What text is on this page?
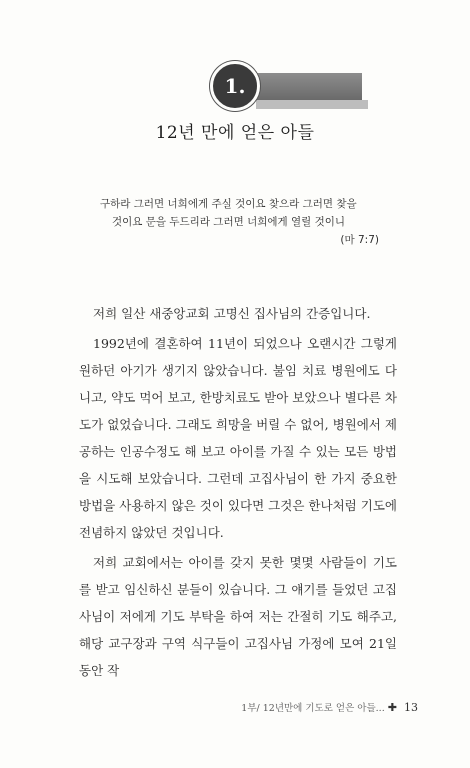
1.
12년 만에 얻은 아들
구하라 그러면 너희에게 주실 것이요 찾으라 그러면 찾을
것이요 문을 두드리라 그러면 너희에게 열릴 것이니
(마 7:7)

저희 일산 새중앙교회 고명신 집사님의 간증입니다.

1992년에 결혼하여 11년이 되었으나 오랜시간 그렇게 원하던 아기가 생기지 않았습니다. 불임 치료 병원에도 다니고, 약도 먹어 보고, 한방치료도 받아 보았으나 별다른 차도가 없었습니다. 그래도 희망을 버릴 수 없어, 병원에서 제공하는 인공수정도 해 보고 아이를 가질 수 있는 모든 방법을 시도해 보았습니다. 그런데 고집사님이 한 가지 중요한 방법을 사용하지 않은 것이 있다면 그것은 한나처럼 기도에 전념하지 않았던 것입니다.

저희 교회에서는 아이를 갖지 못한 몇몇 사람들이 기도를 받고 임신하신 분들이 있습니다. 그 얘기를 들었던 고집사님이 저에게 기도 부탁을 하여 저는 간절히 기도 해주고, 해당 교구장과 구역 식구들이 고집사님 가정에 모여 21일 동안 작

1부/ 12년만에 기도로 얻은 아들... ✚ 13
